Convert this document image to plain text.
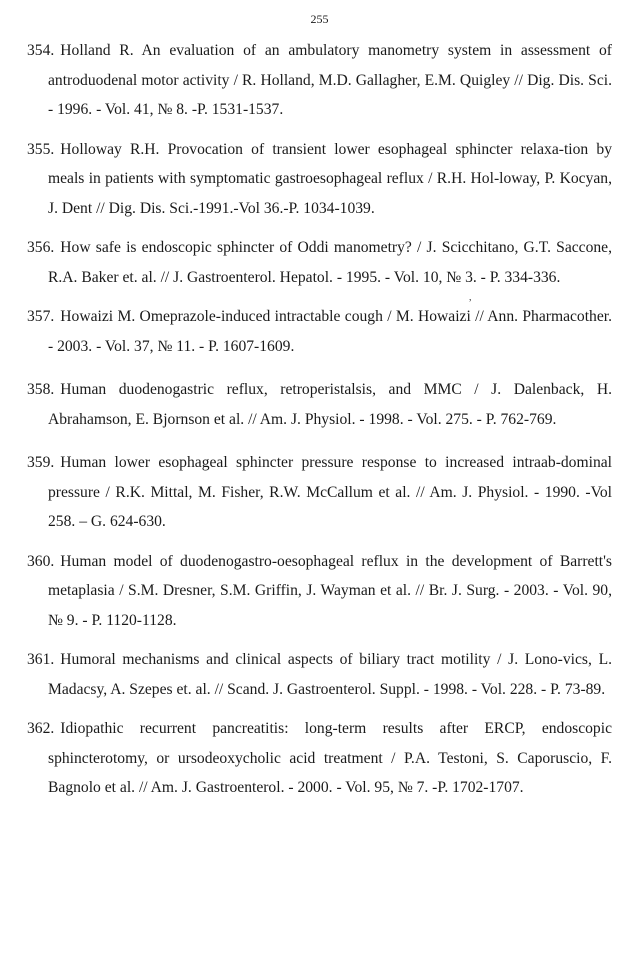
255
354. Holland R. An evaluation of an ambulatory manometry system in assessment of antroduodenal motor activity / R. Holland, M.D. Gallagher, E.M. Quigley // Dig. Dis. Sci. - 1996. - Vol. 41, № 8. -P. 1531-1537.
355. Holloway R.H. Provocation of transient lower esophageal sphincter relaxa-tion by meals in patients with symptomatic gastroesophageal reflux / R.H. Hol-loway, P. Kocyan, J. Dent // Dig. Dis. Sci.-1991.-Vol 36.-P. 1034-1039.
356. How safe is endoscopic sphincter of Oddi manometry? / J. Scicchitano, G.T. Saccone, R.A. Baker et. al. // J. Gastroenterol. Hepatol. - 1995. - Vol. 10, № 3. - P. 334-336.
357. Howaizi M. Omeprazole-induced intractable cough / M. Howaizi // Ann. Pharmacother. - 2003. - Vol. 37, № 11. - P. 1607-1609.
358. Human duodenogastric reflux, retroperistalsis, and MMC / J. Dalenback, H. Abrahamson, E. Bjornson et al. // Am. J. Physiol. - 1998. - Vol. 275. - P. 762-769.
359. Human lower esophageal sphincter pressure response to increased intraab-dominal pressure / R.K. Mittal, M. Fisher, R.W. McCallum et al. // Am. J. Physiol. - 1990. -Vol 258. – G. 624-630.
360. Human model of duodenogastro-oesophageal reflux in the development of Barrett's metaplasia / S.M. Dresner, S.M. Griffin, J. Wayman et al. // Br. J. Surg. - 2003. - Vol. 90, № 9. - P. 1120-1128.
361. Humoral mechanisms and clinical aspects of biliary tract motility / J. Lono-vics, L. Madacsy, A. Szepes et. al. // Scand. J. Gastroenterol. Suppl. - 1998. - Vol. 228. - P. 73-89.
362. Idiopathic recurrent pancreatitis: long-term results after ERCP, endoscopic sphincterotomy, or ursodeoxycholic acid treatment / P.A. Testoni, S. Caporuscio, F. Bagnolo et al. // Am. J. Gastroenterol. - 2000. - Vol. 95, № 7. -P. 1702-1707.
,
